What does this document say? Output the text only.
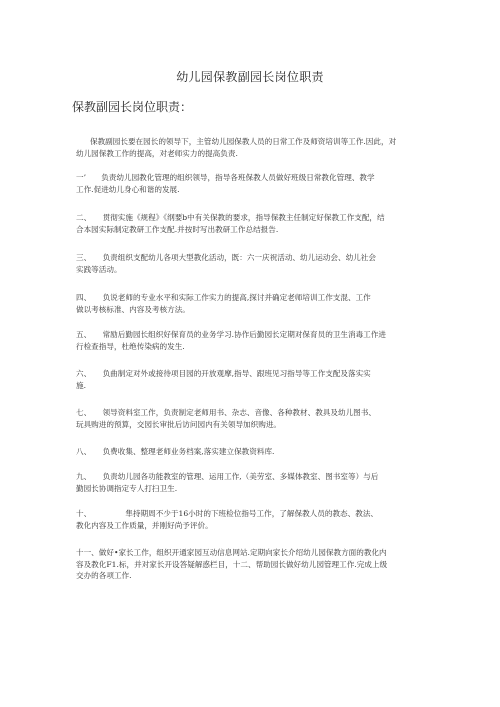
幼儿园保教副园长岗位职责
保教副园长岗位职责：

保教副园长要在园长的领导下，主管幼儿园保教人员的日常工作及师资培训等工作.因此，对
幼儿园保教工作的提高，对老师实力的提高负责.

一’　　负责幼儿园教化管理的组织领导，指导各班保教人员做好班级日常教化管理、教学
工作.促进幼儿身心和谐的发展.

二、　　贯彻实施《规程》《纲要b中有关保教的要求，指导保教主任制定好保教工作支配，结
合本园实际制定教研工作支配.并按时写出教研工作总结报告.

三、　　负责组织支配幼儿各项大型教化活动，既：六一庆祝活动、幼儿运动会、幼儿社会
实践等活动。

四、　　负说老师的专业水平和实际工作实力的提高,探讨并确定老师培训工作支混、工作
做以考核标准、内容及考核方法。

五、　　常励后勤园长组织好保育员的业务学习.协作后勤园长定期对保育员的卫生消毒工作进
行检查指导，杜绝传染病的发生.

六、　　负曲制定对外或接待项目园的开放观摩,指导、跟班见习指导等工作支配及落实实
施.

七、　　领导资料室工作，负责制定老师用书、杂志、音像、各种教材、教具及幼儿图书、
玩具购进的预算，交园长审批后访问园内有关领导加织购进。

八、　　负费收集、整理老师业务档案,落实建立保教资料库.

九、　　负责幼儿园各功能教室的管理、运用工作,（美劳室、多媒体教室、图书室等）与后
勤园长协调指定专人打扫卫生.

十、　　　　　隼持期周不少于16小时的下班检位指号工作，了解保教人员的教态、教法、
教化内容及工作质量，并刚好尚予评价。

十一、做好•家长工作，组织开通家园互动信息网站.定期向家长介绍幼儿园保教方面的教化内
容及教化F1.标，并对家长开设答疑解惑栏目，十二、帮助园长做好幼儿园管理工作.完成上级
交办的各项工作.
